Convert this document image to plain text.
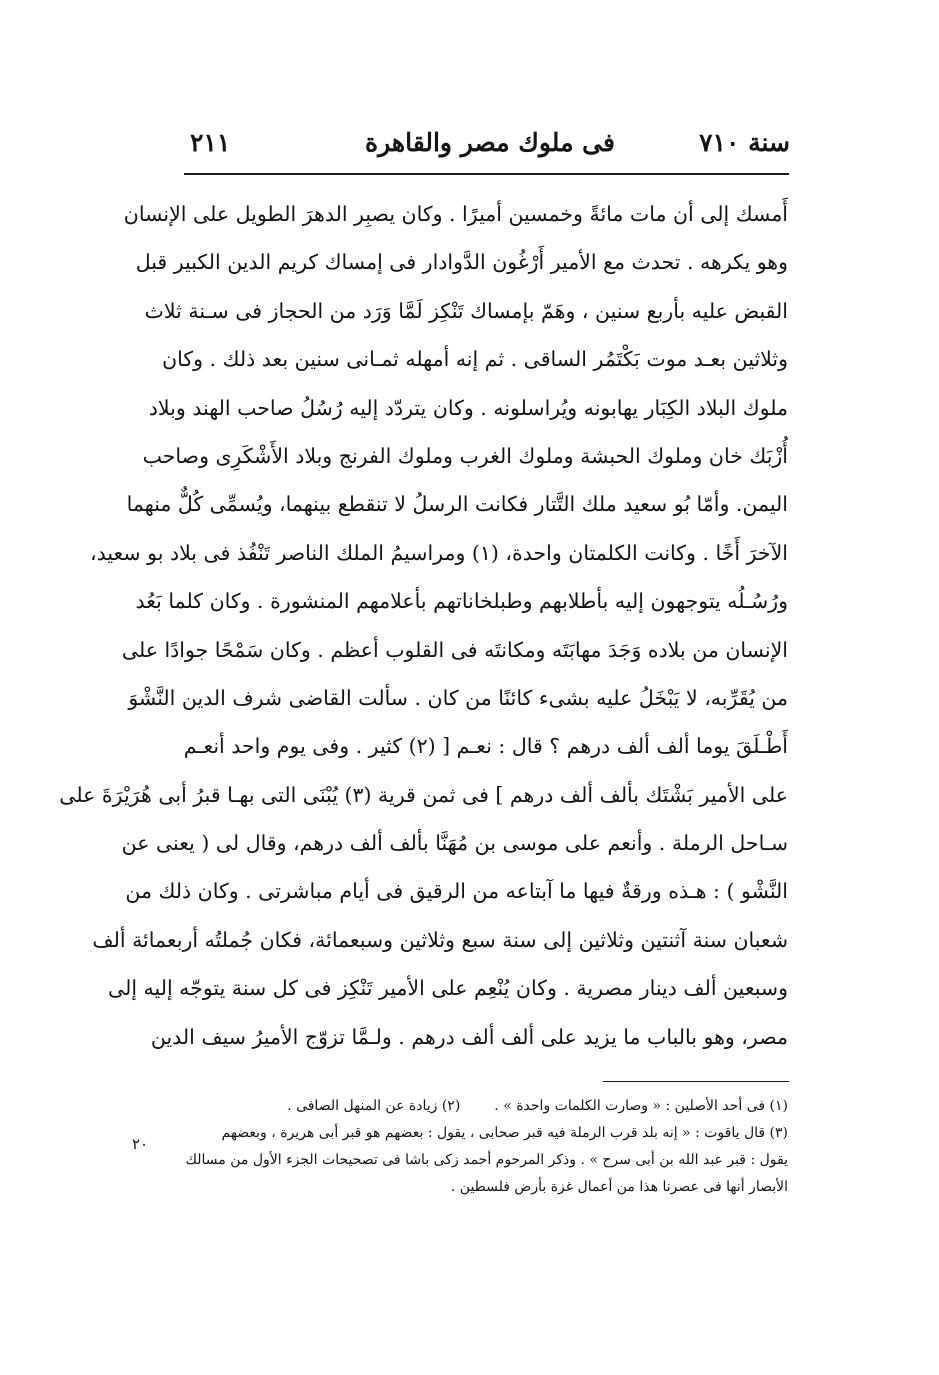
سنة ٧١٠
فى ملوك مصر والقاهرة
٢١١
أَمسك إلى أن مات مائةً وخمسين أميرًا . وكان يصبِر الدهرَ الطويل على الإنسان
وهو يكرهه . تحدث مع الأمير أَرْغُون الدَّوادار فى إمساك كريم الدين الكبير قبل
القبض عليه بأربع سنين ، وهَمّ بإمساك تَنْكِز لَمَّا وَرَد من الحجاز فى سـنة ثلاث
وثلاثين بعـد موت بَكْتَمُر الساقى . ثم إنه أمهله ثمـانى سنين بعد ذلك . وكان
ملوك البلاد الكِبَار يهابونه ويُراسلونه . وكان يتردّد إليه رُسُلُ صاحب الهند وبلاد
أُزْبَك خان وملوك الحبشة وملوك الغرب وملوك الفرنج وبلاد الأَشْكَرِى وصاحب
اليمن. وأمّا بُو سعيد ملك التَّتار فكانت الرسلُ لا تنقطع بينهما، ويُسمِّى كُلٌّ منهما
الآخرَ أَخًا . وكانت الكلمتان واحدة، (١) ومراسيمُ الملك الناصر تَنْفُذ فى بلاد بو سعيد،
ورُسُـلُه يتوجهون إليه بأطلابهم وطبلخاناتهم بأعلامهم المنشورة . وكان كلما بَعُد
الإنسان من بلاده وَجَدَ مهابَتَه ومكانتَه فى القلوب أعظم . وكان سَمْحًا جوادًا على
من يُقَرِّبه، لا يَبْخَلُ عليه بشىء كائنًا من كان . سألت القاضى شرف الدين النَّشْوَ
أَطْـلَقَ يوما ألف ألف درهم ؟ قال : نعـم [ (٢) كثير . وفى يوم واحد أنعـم
على الأمير بَشْتَك بألف ألف درهم ] فى ثمن قرية (٣) يُبْنَى التى بهـا قبرُ أبى هُرَيْرَةَ على
سـاحل الرملة . وأنعم على موسى بن مُهَنَّا بألف ألف درهم، وقال لى ( يعنى عن
النَّشْو ) : هـذه ورقةٌ فيها ما آبتاعه من الرقيق فى أيام مباشرتى . وكان ذلك من
شعبان سنة آثنتين وثلاثين إلى سنة سبع وثلاثين وسبعمائة، فكان جُملتُه أربعمائة ألف
وسبعين ألف دينار مصرية . وكان يُنْعِم على الأمير تَنْكِز فى كل سنة يتوجّه إليه إلى
مصر، وهو بالباب ما يزيد على ألف ألف درهم . ولـمَّا تزوّج الأميرُ سيف الدين
(١) فى أحد الأصلين : « وصارت الكلمات واحدة » .
(٢) زيادة عن المنهل الصافى .
(٣) قال ياقوت : « إنه بلد قرب الرملة فيه قبر صحابى ، يقول : بعضهم هو قبر أبى هريرة ، وبعضهم
يقول : قبر عبد الله بن أبى سرح » . وذكر المرحوم أحمد زكى باشا فى تصحيحات الجزء الأول من مسالك
الأبصار أنها فى عصرنا هذا من أعمال غزة بأرض فلسطين .
٢٠
